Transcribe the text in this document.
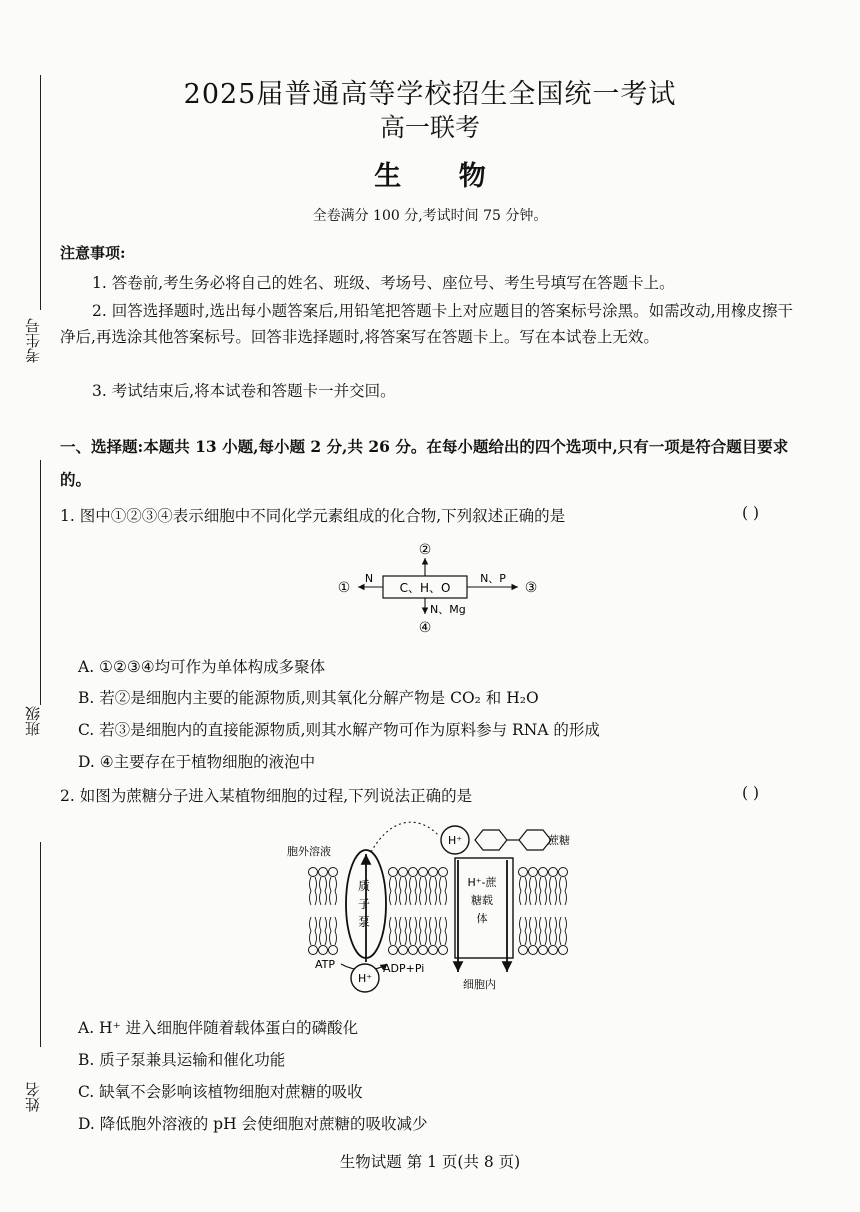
考生号
班级
姓名
2025届普通高等学校招生全国统一考试
高一联考
生 物
全卷满分 100 分,考试时间 75 分钟。
注意事项:
1. 答卷前,考生务必将自己的姓名、班级、考场号、座位号、考生号填写在答题卡上。
2. 回答选择题时,选出每小题答案后,用铅笔把答题卡上对应题目的答案标号涂黑。如需改动,用橡皮擦干净后,再选涂其他答案标号。回答非选择题时,将答案写在答题卡上。写在本试卷上无效。
3. 考试结束后,将本试卷和答题卡一并交回。
一、选择题:本题共 13 小题,每小题 2 分,共 26 分。在每小题给出的四个选项中,只有一项是符合题目要求的。
1. 图中①②③④表示细胞中不同化学元素组成的化合物,下列叙述正确的是	( )
C、H、O
②
①
N
③
N、P
N、Mg
④
A. ①②③④均可作为单体构成多聚体
B. 若②是细胞内主要的能源物质,则其氧化分解产物是 CO₂ 和 H₂O
C. 若③是细胞内的直接能源物质,则其水解产物可作为原料参与 RNA 的形成
D. ④主要存在于植物细胞的液泡中
2. 如图为蔗糖分子进入某植物细胞的过程,下列说法正确的是	( )
质
子
泵
胞外溶液
H⁺	蔗糖
H⁺-蔗
糖载
体
ATP	ADP+Pi
H⁺	细胞内
A. H⁺ 进入细胞伴随着载体蛋白的磷酸化
B. 质子泵兼具运输和催化功能
C. 缺氧不会影响该植物细胞对蔗糖的吸收
D. 降低胞外溶液的 pH 会使细胞对蔗糖的吸收减少
生物试题 第 1 页(共 8 页)
